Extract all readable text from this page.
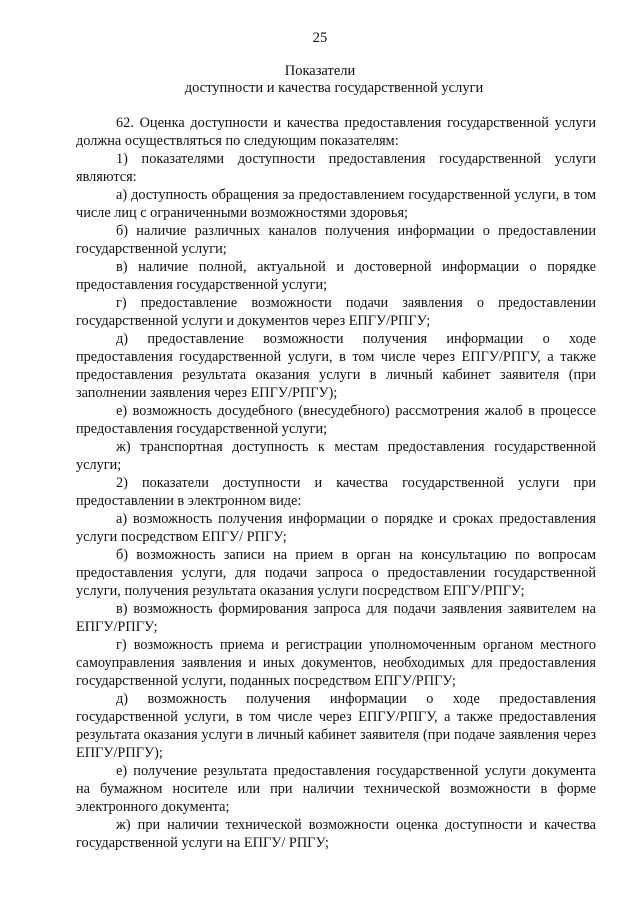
25
Показатели
доступности и качества государственной услуги

62. Оценка доступности и качества предоставления государственной услуги должна осуществляться по следующим показателям:

1) показателями доступности предоставления государственной услуги являются:

а) доступность обращения за предоставлением государственной услуги, в том числе лиц с ограниченными возможностями здоровья;

б) наличие различных каналов получения информации о предоставлении государственной услуги;

в) наличие полной, актуальной и достоверной информации о порядке предоставления государственной услуги;

г) предоставление возможности подачи заявления о предоставлении государственной услуги и документов через ЕПГУ/РПГУ;

д) предоставление возможности получения информации о ходе предоставления государственной услуги, в том числе через ЕПГУ/РПГУ, а также предоставления результата оказания услуги в личный кабинет заявителя (при заполнении заявления через ЕПГУ/РПГУ);

е) возможность досудебного (внесудебного) рассмотрения жалоб в процессе предоставления государственной услуги;

ж) транспортная доступность к местам предоставления государственной услуги;

2) показатели доступности и качества государственной услуги при предоставлении в электронном виде:

а) возможность получения информации о порядке и сроках предоставления услуги посредством ЕПГУ/ РПГУ;

б) возможность записи на прием в орган на консультацию по вопросам предоставления услуги, для подачи запроса о предоставлении государственной услуги, получения результата оказания услуги посредством ЕПГУ/РПГУ;

в) возможность формирования запроса для подачи заявления заявителем на ЕПГУ/РПГУ;

г) возможность приема и регистрации уполномоченным органом местного самоуправления заявления и иных документов, необходимых для предоставления государственной услуги, поданных посредством ЕПГУ/РПГУ;

д) возможность получения информации о ходе предоставления государственной услуги, в том числе через ЕПГУ/РПГУ, а также предоставления результата оказания услуги в личный кабинет заявителя (при подаче заявления через ЕПГУ/РПГУ);

е) получение результата предоставления государственной услуги документа на бумажном носителе или при наличии технической возможности в форме электронного документа;

ж) при наличии технической возможности оценка доступности и качества государственной услуги на ЕПГУ/ РПГУ;
